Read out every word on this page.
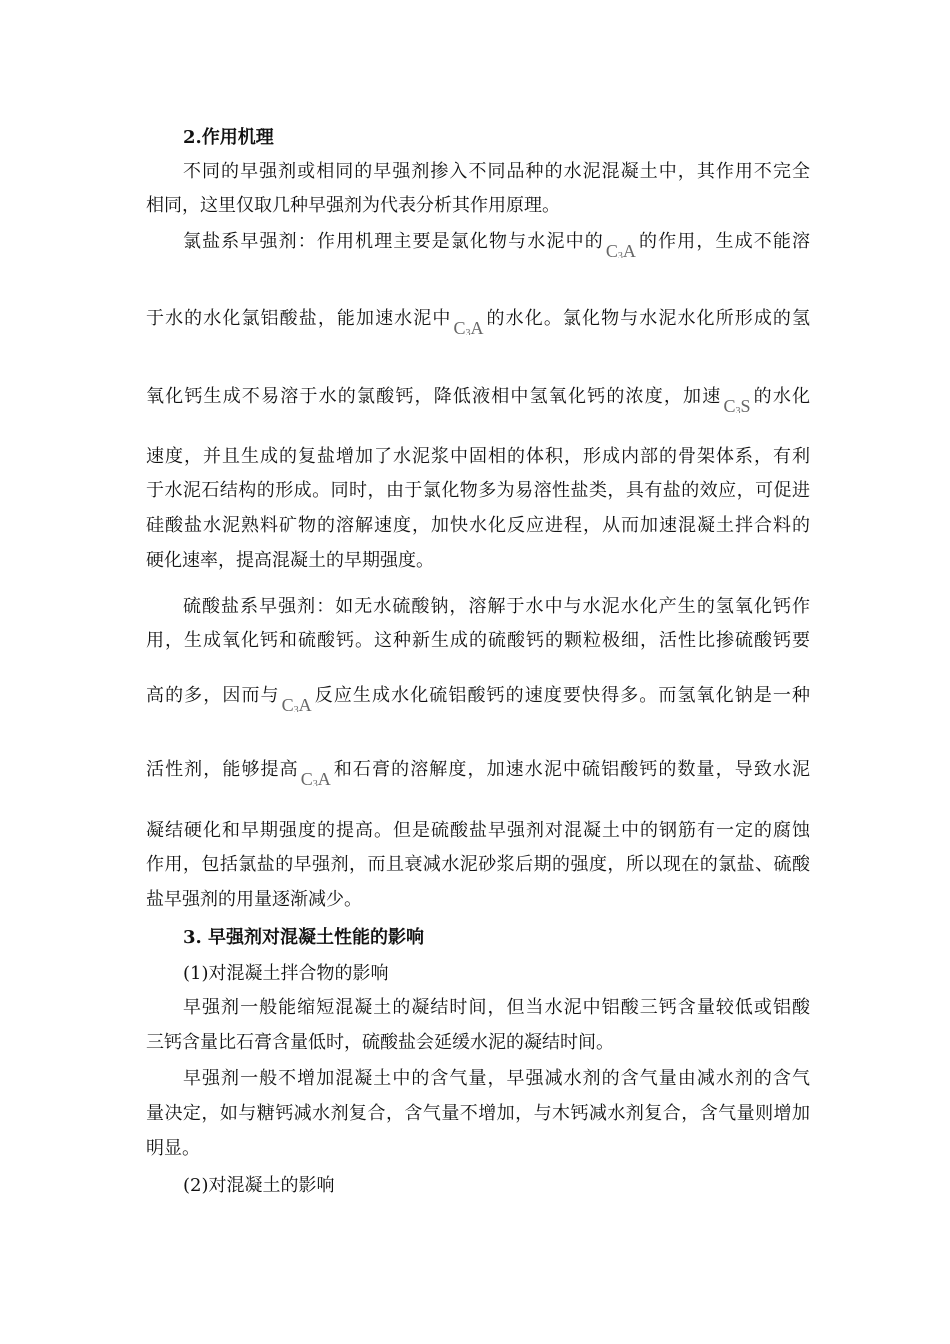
2.作用机理
不同的早强剂或相同的早强剂掺入不同品种的水泥混凝土中，其作用不完全
相同，这里仅取几种早强剂为代表分析其作用原理。
氯盐系早强剂：作用机理主要是氯化物与水泥中的 $C_3A$ 的作用，生成不能溶
于水的水化氯铝酸盐，能加速水泥中 $C_3A$ 的水化。氯化物与水泥水化所形成的氢
氧化钙生成不易溶于水的氯酸钙，降低液相中氢氧化钙的浓度，加速 $C_3S$ 的水化
速度，并且生成的复盐增加了水泥浆中固相的体积，形成内部的骨架体系，有利
于水泥石结构的形成。同时，由于氯化物多为易溶性盐类，具有盐的效应，可促进
硅酸盐水泥熟料矿物的溶解速度，加快水化反应进程，从而加速混凝土拌合料的
硬化速率，提高混凝土的早期强度。
硫酸盐系早强剂：如无水硫酸钠，溶解于水中与水泥水化产生的氢氧化钙作
用，生成氧化钙和硫酸钙。这种新生成的硫酸钙的颗粒极细，活性比掺硫酸钙要
高的多，因而与 $C_3A$ 反应生成水化硫铝酸钙的速度要快得多。而氢氧化钠是一种
活性剂，能够提高 $C_3A$ 和石膏的溶解度，加速水泥中硫铝酸钙的数量，导致水泥
凝结硬化和早期强度的提高。但是硫酸盐早强剂对混凝土中的钢筋有一定的腐蚀
作用，包括氯盐的早强剂，而且衰减水泥砂浆后期的强度，所以现在的氯盐、硫酸
盐早强剂的用量逐渐减少。
3. 早强剂对混凝土性能的影响
(1)对混凝土拌合物的影响
早强剂一般能缩短混凝土的凝结时间，但当水泥中铝酸三钙含量较低或铝酸
三钙含量比石膏含量低时，硫酸盐会延缓水泥的凝结时间。
早强剂一般不增加混凝土中的含气量，早强减水剂的含气量由减水剂的含气
量决定，如与糖钙减水剂复合，含气量不增加，与木钙减水剂复合，含气量则增加
明显。
(2)对混凝土的影响
